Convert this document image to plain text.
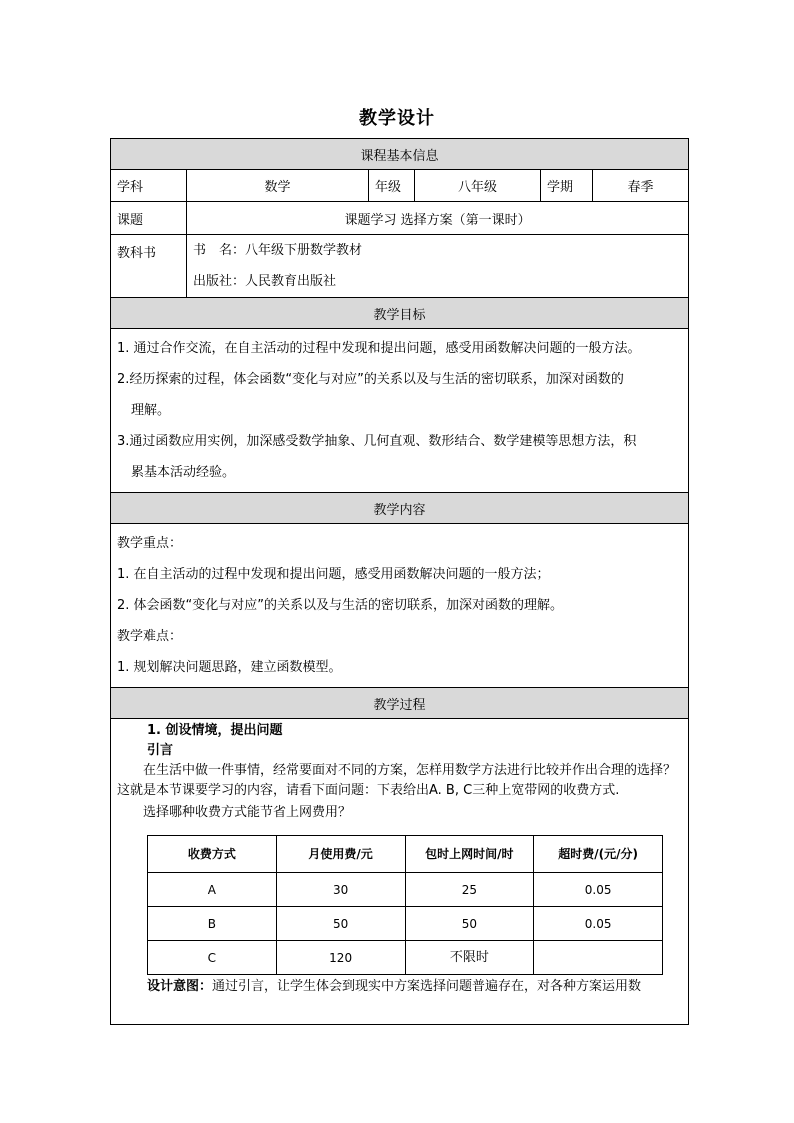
教学设计
课程基本信息
学科	数学	年级	八年级	学期	春季
课题	课题学习 选择方案（第一课时）
教科书	书　名：八年级下册数学教材
出版社：人民教育出版社

教学目标

1. 通过合作交流，在自主活动的过程中发现和提出问题，感受用函数解决问题的一般方法。
2.经历探索的过程，体会函数“变化与对应”的关系以及与生活的密切联系，加深对函数的
理解。
3.通过函数应用实例，加深感受数学抽象、几何直观、数形结合、数学建模等思想方法，积
累基本活动经验。

教学内容

教学重点：
1. 在自主活动的过程中发现和提出问题，感受用函数解决问题的一般方法；
2. 体会函数“变化与对应”的关系以及与生活的密切联系，加深对函数的理解。
教学难点：
1. 规划解决问题思路，建立函数模型。

教学过程

1. 创设情境，提出问题
引言
在生活中做一件事情，经常要面对不同的方案，怎样用数学方法进行比较并作出合理的选择？这就是本节课要学习的内容，请看下面问题：下表给出A. B, C三种上宽带网的收费方式.
选择哪种收费方式能节省上网费用？
收费方式	月使用费/元	包时上网时间/时	超时费/(元/分)
A	30	25	0.05
B	50	50	0.05
C	120	不限时	
设计意图：通过引言，让学生体会到现实中方案选择问题普遍存在，对各种方案运用数
